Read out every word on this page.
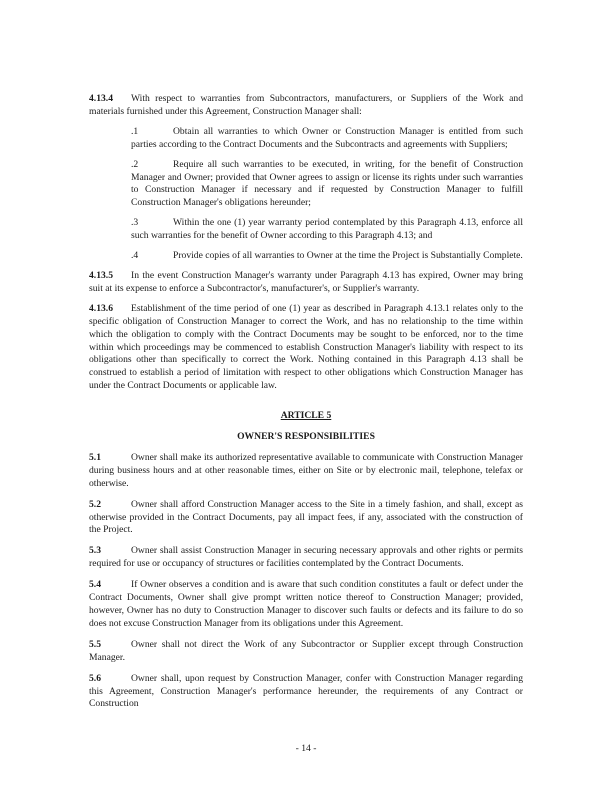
4.13.4 With respect to warranties from Subcontractors, manufacturers, or Suppliers of the Work and materials furnished under this Agreement, Construction Manager shall:

.1	Obtain all warranties to which Owner or Construction Manager is entitled from such parties according to the Contract Documents and the Subcontracts and agreements with Suppliers;

.2	Require all such warranties to be executed, in writing, for the benefit of Construction Manager and Owner; provided that Owner agrees to assign or license its rights under such warranties to Construction Manager if necessary and if requested by Construction Manager to fulfill Construction Manager's obligations hereunder;

.3	Within the one (1) year warranty period contemplated by this Paragraph 4.13, enforce all such warranties for the benefit of Owner according to this Paragraph 4.13; and

.4	Provide copies of all warranties to Owner at the time the Project is Substantially Complete.

4.13.5 In the event Construction Manager's warranty under Paragraph 4.13 has expired, Owner may bring suit at its expense to enforce a Subcontractor's, manufacturer's, or Supplier's warranty.

4.13.6 Establishment of the time period of one (1) year as described in Paragraph 4.13.1 relates only to the specific obligation of Construction Manager to correct the Work, and has no relationship to the time within which the obligation to comply with the Contract Documents may be sought to be enforced, nor to the time within which proceedings may be commenced to establish Construction Manager's liability with respect to its obligations other than specifically to correct the Work. Nothing contained in this Paragraph 4.13 shall be construed to establish a period of limitation with respect to other obligations which Construction Manager has under the Contract Documents or applicable law.

ARTICLE 5

OWNER'S RESPONSIBILITIES

5.1	Owner shall make its authorized representative available to communicate with Construction Manager during business hours and at other reasonable times, either on Site or by electronic mail, telephone, telefax or otherwise.

5.2	Owner shall afford Construction Manager access to the Site in a timely fashion, and shall, except as otherwise provided in the Contract Documents, pay all impact fees, if any, associated with the construction of the Project.

5.3	Owner shall assist Construction Manager in securing necessary approvals and other rights or permits required for use or occupancy of structures or facilities contemplated by the Contract Documents.

5.4	If Owner observes a condition and is aware that such condition constitutes a fault or defect under the Contract Documents, Owner shall give prompt written notice thereof to Construction Manager; provided, however, Owner has no duty to Construction Manager to discover such faults or defects and its failure to do so does not excuse Construction Manager from its obligations under this Agreement.

5.5	Owner shall not direct the Work of any Subcontractor or Supplier except through Construction Manager.

5.6	Owner shall, upon request by Construction Manager, confer with Construction Manager regarding this Agreement, Construction Manager's performance hereunder, the requirements of any Contract or Construction

- 14 -
